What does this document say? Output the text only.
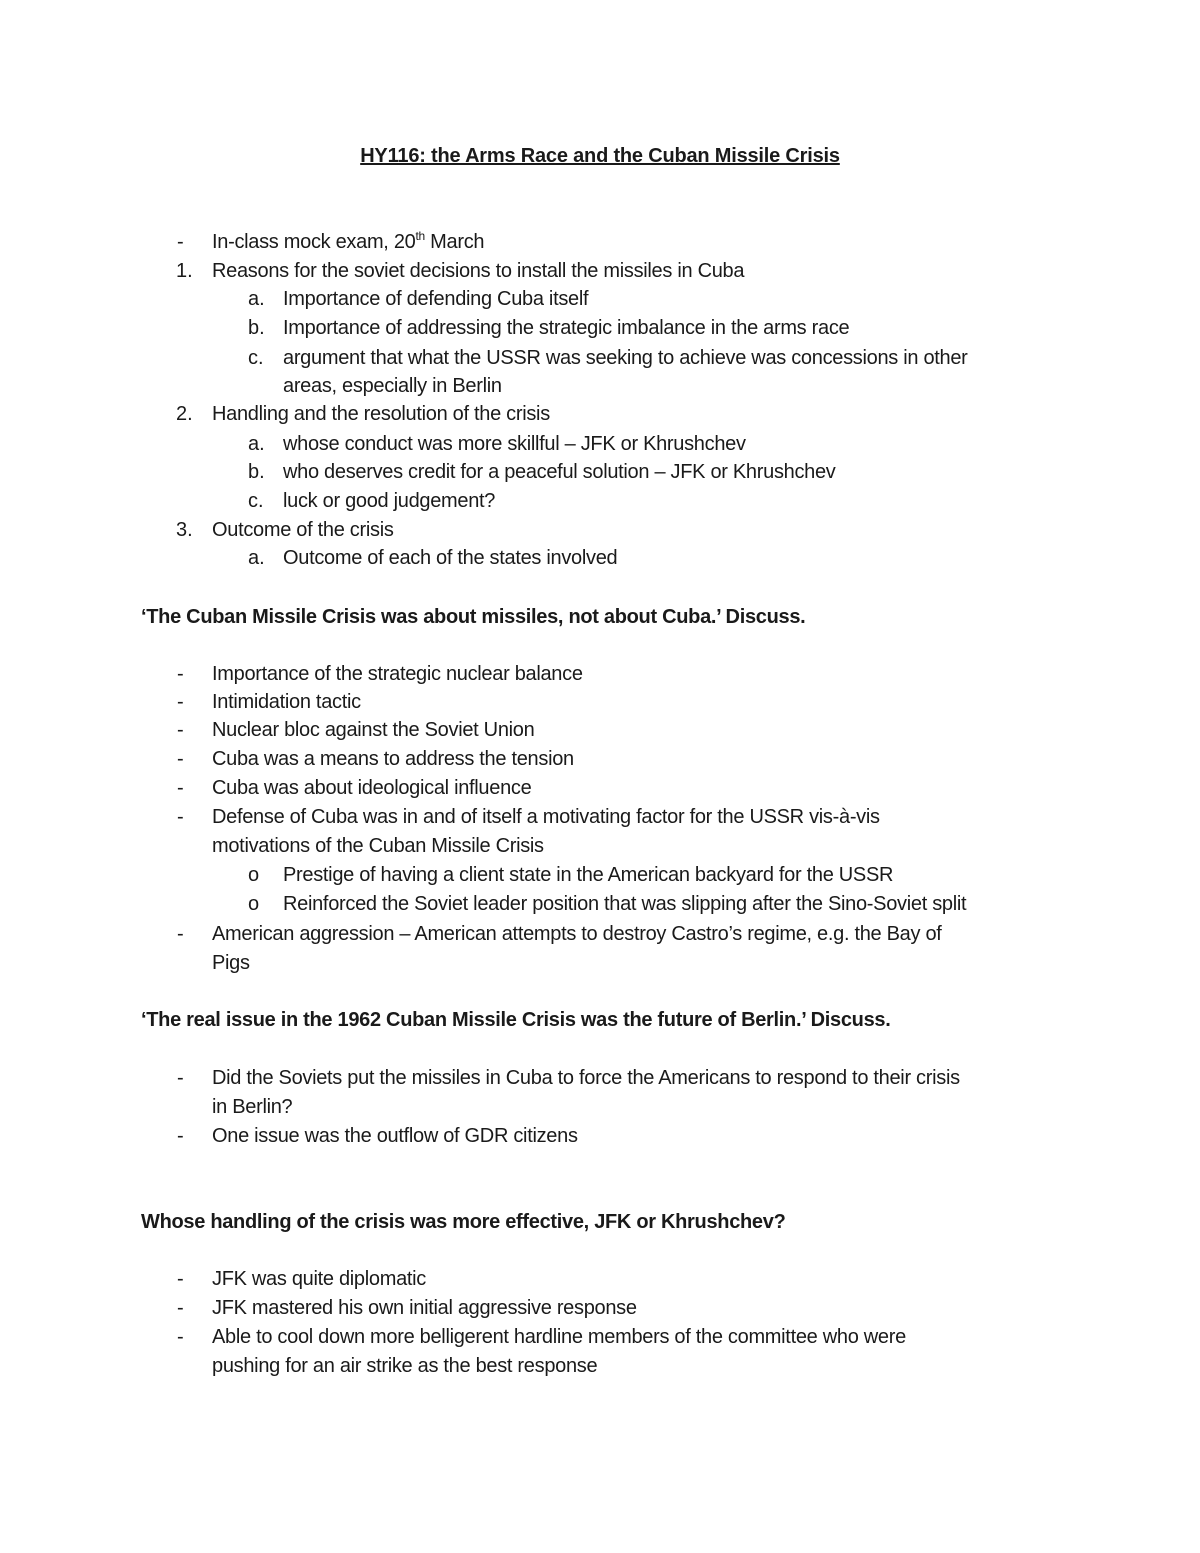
HY116: the Arms Race and the Cuban Missile Crisis
- In-class mock exam, 20th March
1. Reasons for the soviet decisions to install the missiles in Cuba
a. Importance of defending Cuba itself
b. Importance of addressing the strategic imbalance in the arms race
c. argument that what the USSR was seeking to achieve was concessions in other
areas, especially in Berlin
2. Handling and the resolution of the crisis
a. whose conduct was more skillful – JFK or Khrushchev
b. who deserves credit for a peaceful solution – JFK or Khrushchev
c. luck or good judgement?
3. Outcome of the crisis
a. Outcome of each of the states involved
‘The Cuban Missile Crisis was about missiles, not about Cuba.’ Discuss.
- Importance of the strategic nuclear balance
- Intimidation tactic
- Nuclear bloc against the Soviet Union
- Cuba was a means to address the tension
- Cuba was about ideological influence
- Defense of Cuba was in and of itself a motivating factor for the USSR vis-à-vis
motivations of the Cuban Missile Crisis
o Prestige of having a client state in the American backyard for the USSR
o Reinforced the Soviet leader position that was slipping after the Sino-Soviet split
- American aggression – American attempts to destroy Castro’s regime, e.g. the Bay of
Pigs
‘The real issue in the 1962 Cuban Missile Crisis was the future of Berlin.’ Discuss.
- Did the Soviets put the missiles in Cuba to force the Americans to respond to their crisis
in Berlin?
- One issue was the outflow of GDR citizens
Whose handling of the crisis was more effective, JFK or Khrushchev?
- JFK was quite diplomatic
- JFK mastered his own initial aggressive response
- Able to cool down more belligerent hardline members of the committee who were
pushing for an air strike as the best response
